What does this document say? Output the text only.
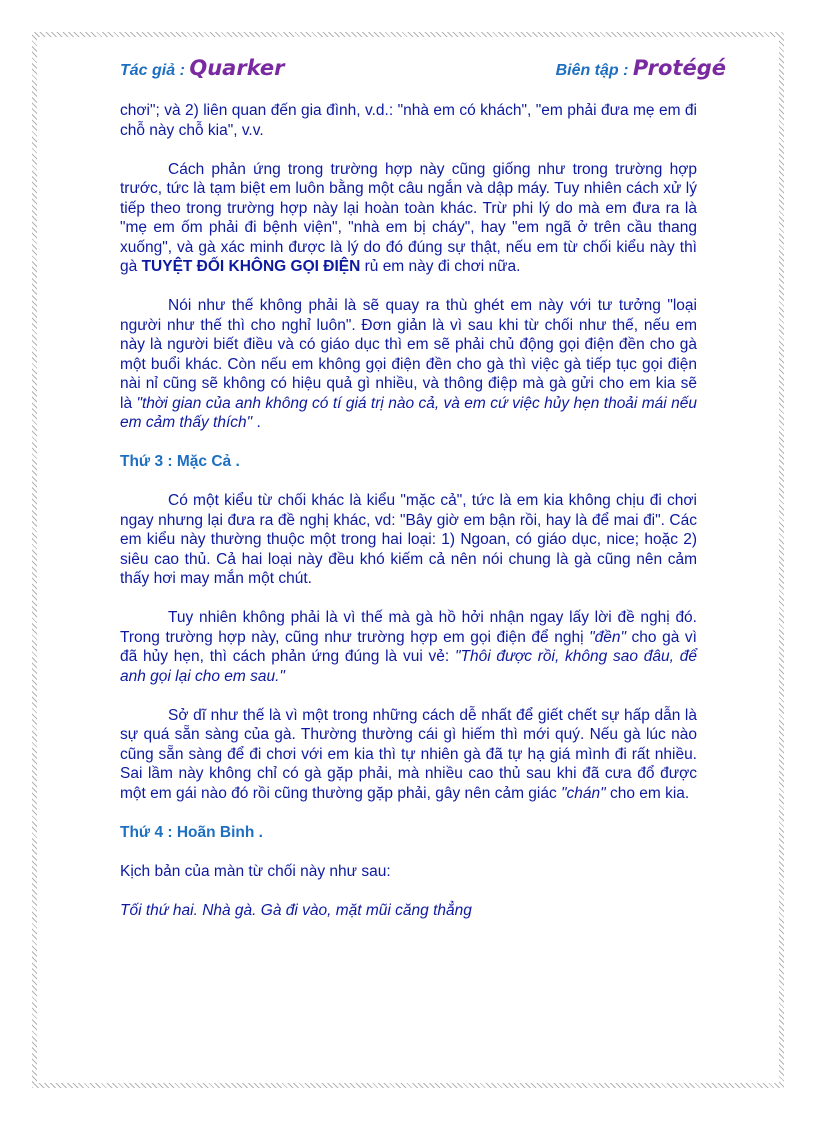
Tác giả : Quarker	Biên tập : Protégé

chơi"; và 2) liên quan đến gia đình, v.d.: "nhà em có khách", "em phải đưa mẹ em đi chỗ này chỗ kia", v.v.

Cách phản ứng trong trường hợp này cũng giống như trong trường hợp trước, tức là tạm biệt em luôn bằng một câu ngắn và dập máy. Tuy nhiên cách xử lý tiếp theo trong trường hợp này lại hoàn toàn khác. Trừ phi lý do mà em đưa ra là "mẹ em ốm phải đi bệnh viện", "nhà em bị cháy", hay "em ngã ở trên cầu thang xuống", và gà xác minh được là lý do đó đúng sự thật, nếu em từ chối kiểu này thì gà TUYỆT ĐỐI KHÔNG GỌI ĐIỆN rủ em này đi chơi nữa.

Nói như thế không phải là sẽ quay ra thù ghét em này với tư tưởng "loại người như thế thì cho nghỉ luôn". Đơn giản là vì sau khi từ chối như thế, nếu em này là người biết điều và có giáo dục thì em sẽ phải chủ động gọi điện đền cho gà một buổi khác. Còn nếu em không gọi điện đền cho gà thì việc gà tiếp tục gọi điện nài nỉ cũng sẽ không có hiệu quả gì nhiều, và thông điệp mà gà gửi cho em kia sẽ là "thời gian của anh không có tí giá trị nào cả, và em cứ việc hủy hẹn thoải mái nếu em cảm thấy thích" .

Thứ 3 : Mặc Cả .

Có một kiểu từ chối khác là kiểu "mặc cả", tức là em kia không chịu đi chơi ngay nhưng lại đưa ra đề nghị khác, vd: "Bây giờ em bận rồi, hay là để mai đi". Các em kiểu này thường thuộc một trong hai loại: 1) Ngoan, có giáo dục, nice; hoặc 2) siêu cao thủ. Cả hai loại này đều khó kiếm cả nên nói chung là gà cũng nên cảm thấy hơi may mắn một chút.

Tuy nhiên không phải là vì thế mà gà hồ hởi nhận ngay lấy lời đề nghị đó. Trong trường hợp này, cũng như trường hợp em gọi điện để nghị "đền" cho gà vì đã hủy hẹn, thì cách phản ứng đúng là vui vẻ: "Thôi được rồi, không sao đâu, để anh gọi lại cho em sau."

Sở dĩ như thế là vì một trong những cách dễ nhất để giết chết sự hấp dẫn là sự quá sẵn sàng của gà. Thường thường cái gì hiếm thì mới quý. Nếu gà lúc nào cũng sẵn sàng để đi chơi với em kia thì tự nhiên gà đã tự hạ giá mình đi rất nhiều. Sai lầm này không chỉ có gà gặp phải, mà nhiều cao thủ sau khi đã cưa đổ được một em gái nào đó rồi cũng thường gặp phải, gây nên cảm giác "chán" cho em kia.

Thứ 4 : Hoãn Binh .

Kịch bản của màn từ chối này như sau:

Tối thứ hai. Nhà gà. Gà đi vào, mặt mũi căng thẳng
